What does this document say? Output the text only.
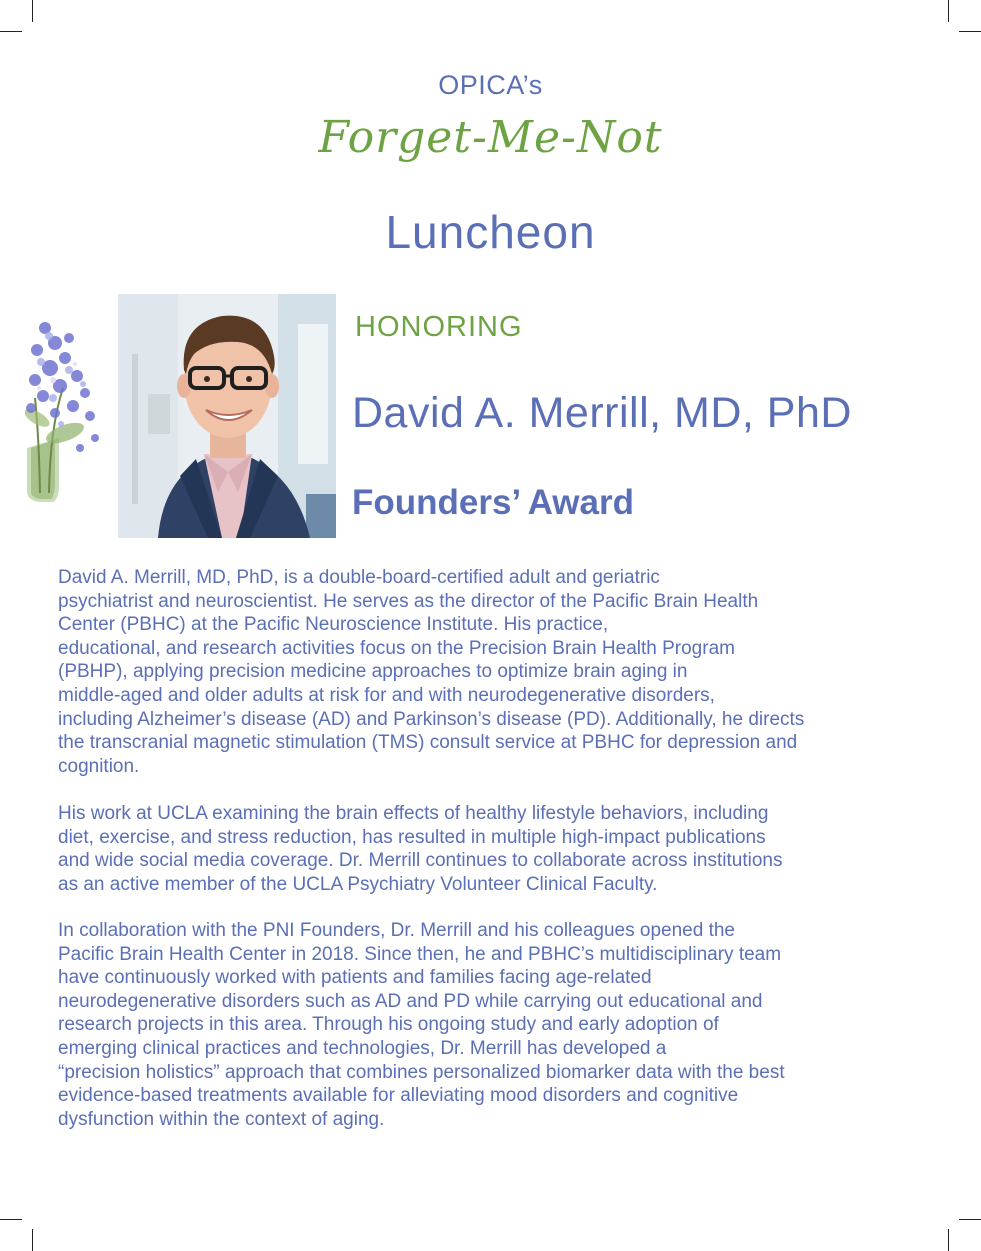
OPICA’s
Forget-Me-Not
Luncheon
HONORING
David A. Merrill, MD, PhD
Founders’ Award

David A. Merrill, MD, PhD, is a double-board-certified adult and geriatric
psychiatrist and neuroscientist. He serves as the director of the Pacific Brain Health
Center (PBHC) at the Pacific Neuroscience Institute. His practice,
educational, and research activities focus on the Precision Brain Health Program
(PBHP), applying precision medicine approaches to optimize brain aging in
middle-aged and older adults at risk for and with neurodegenerative disorders,
including Alzheimer’s disease (AD) and Parkinson’s disease (PD). Additionally, he directs
the transcranial magnetic stimulation (TMS) consult service at PBHC for depression and
cognition.

His work at UCLA examining the brain effects of healthy lifestyle behaviors, including
diet, exercise, and stress reduction, has resulted in multiple high-impact publications
and wide social media coverage. Dr. Merrill continues to collaborate across institutions
as an active member of the UCLA Psychiatry Volunteer Clinical Faculty.

In collaboration with the PNI Founders, Dr. Merrill and his colleagues opened the
Pacific Brain Health Center in 2018. Since then, he and PBHC’s multidisciplinary team
have continuously worked with patients and families facing age-related
neurodegenerative disorders such as AD and PD while carrying out educational and
research projects in this area. Through his ongoing study and early adoption of
emerging clinical practices and technologies, Dr. Merrill has developed a
“precision holistics” approach that combines personalized biomarker data with the best
evidence-based treatments available for alleviating mood disorders and cognitive
dysfunction within the context of aging.
